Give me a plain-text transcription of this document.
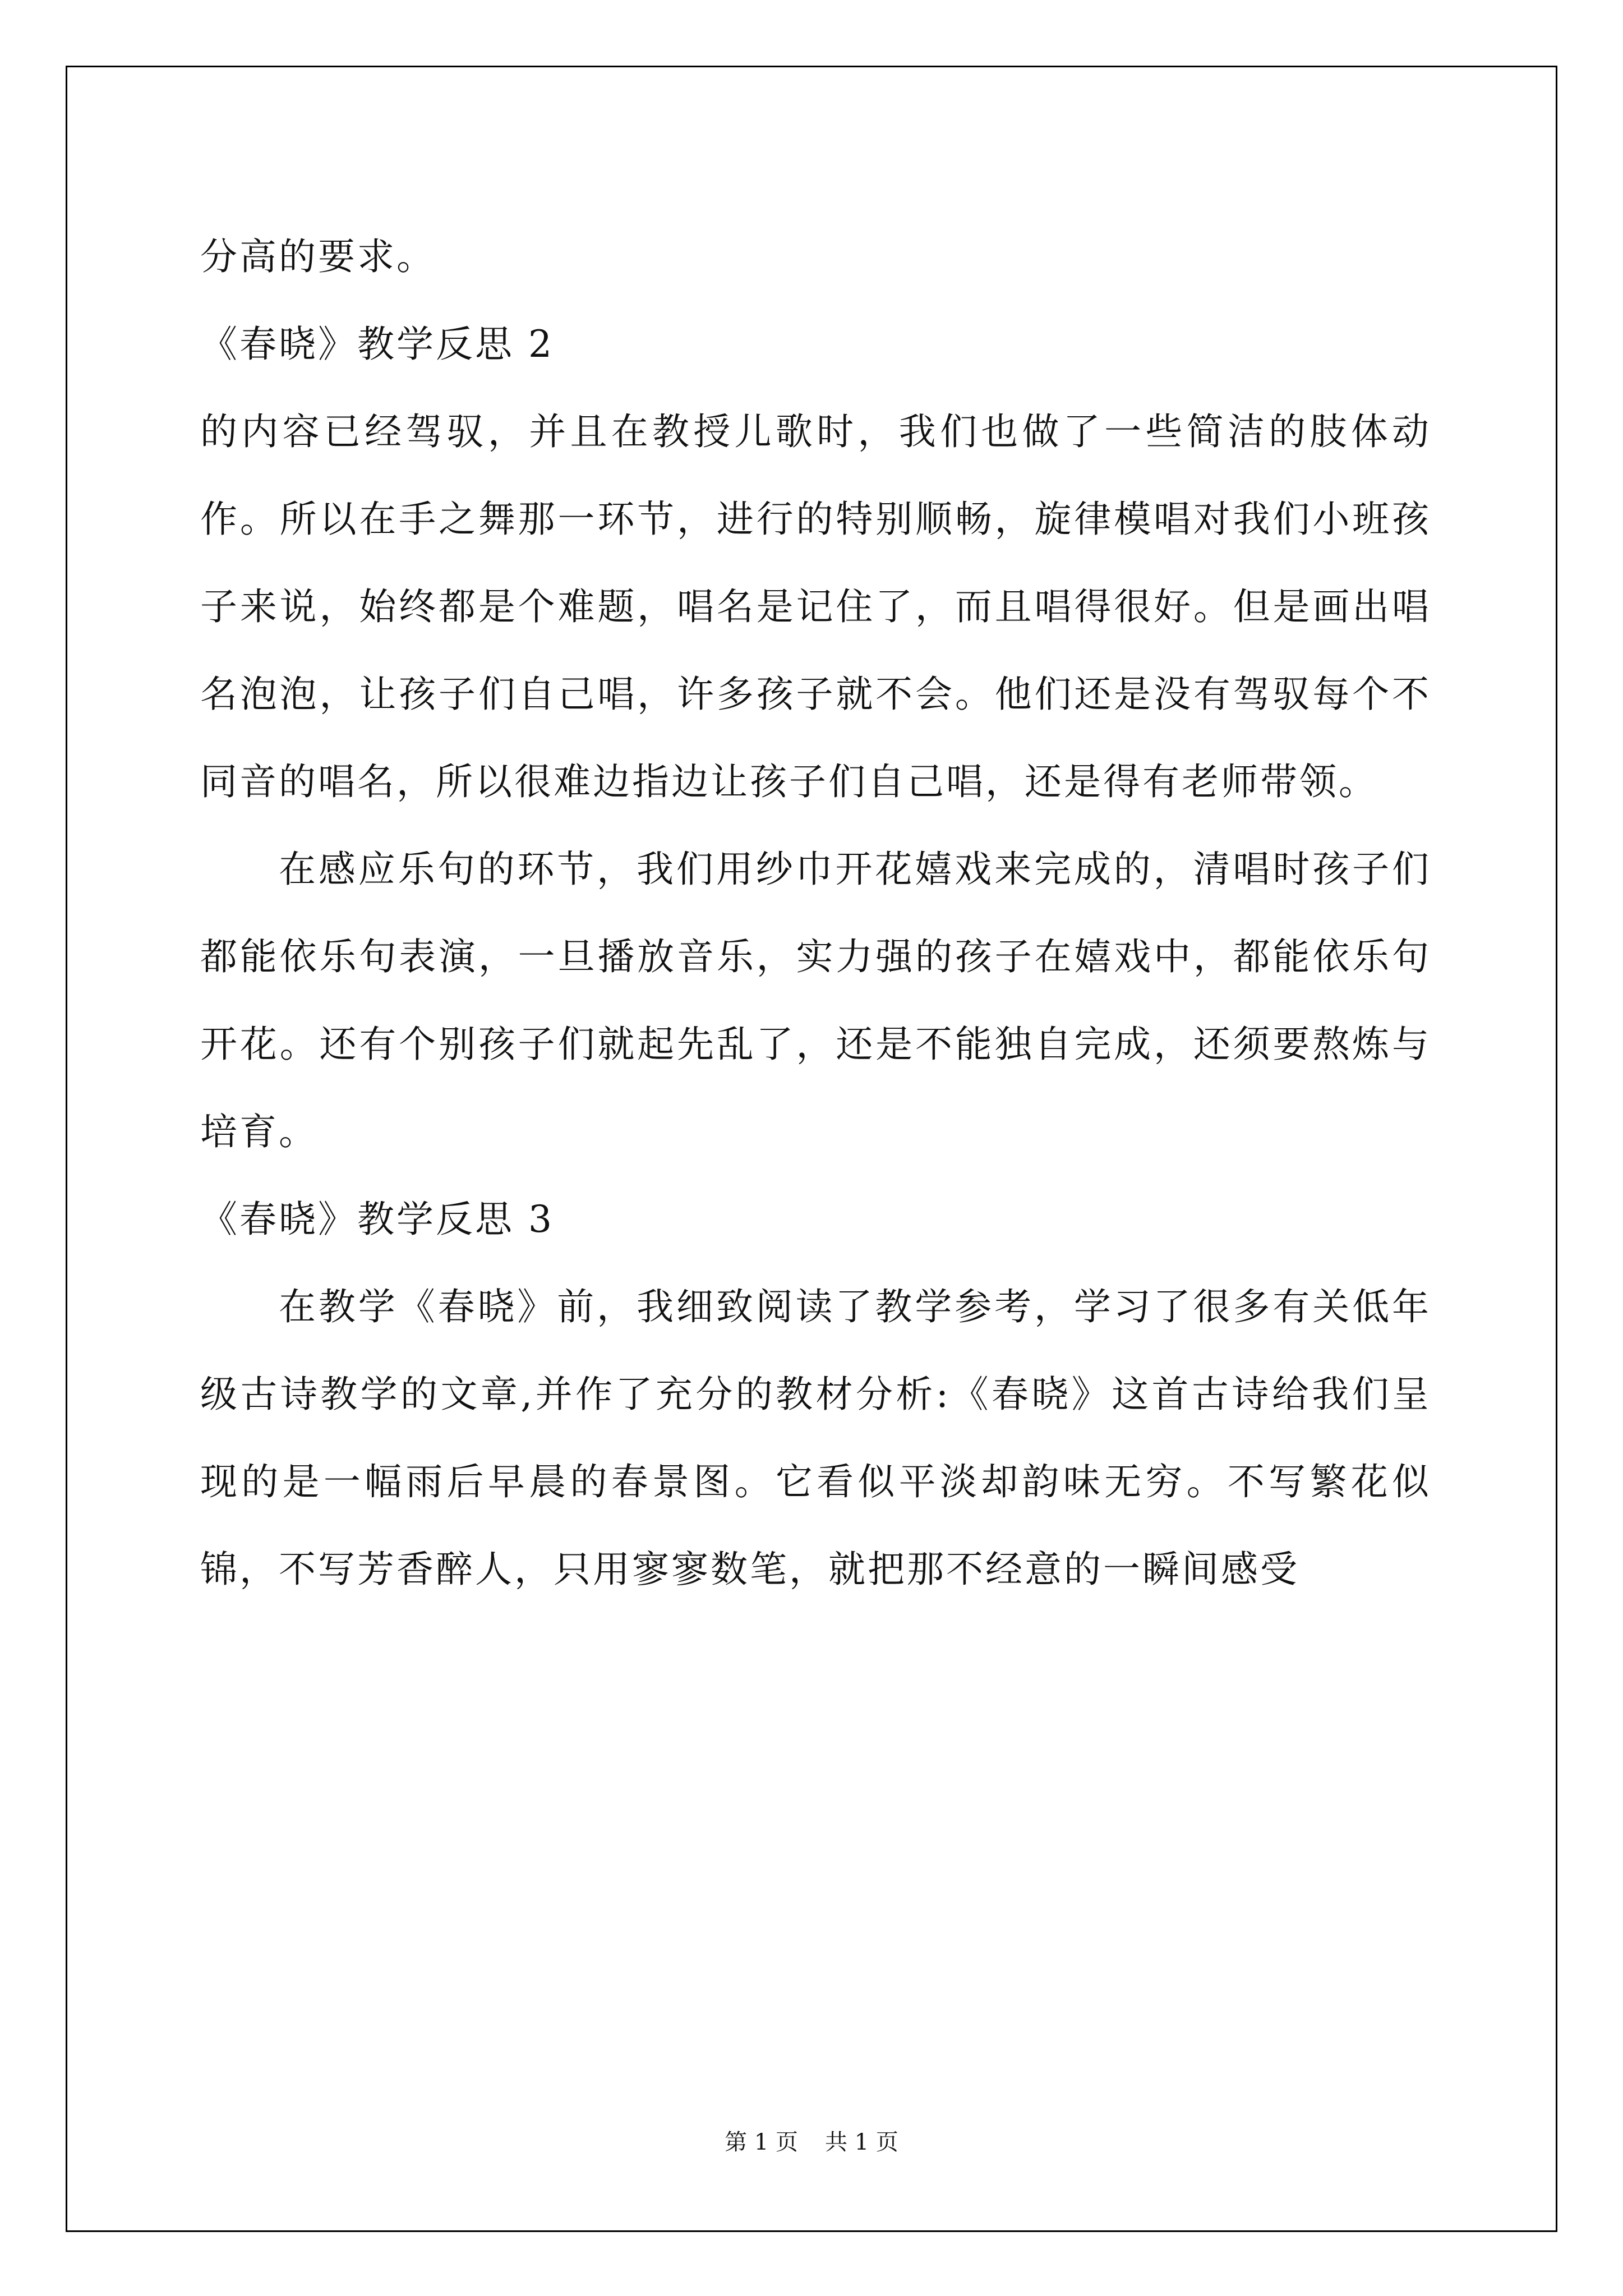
分高的要求。

《春晓》教学反思 2

的内容已经驾驭，并且在教授儿歌时，我们也做了一些简洁的肢体动作。所以在手之舞那一环节，进行的特别顺畅，旋律模唱对我们小班孩子来说，始终都是个难题，唱名是记住了，而且唱得很好。但是画出唱名泡泡，让孩子们自己唱，许多孩子就不会。他们还是没有驾驭每个不同音的唱名，所以很难边指边让孩子们自己唱，还是得有老师带领。

在感应乐句的环节，我们用纱巾开花嬉戏来完成的，清唱时孩子们都能依乐句表演，一旦播放音乐，实力强的孩子在嬉戏中，都能依乐句开花。还有个别孩子们就起先乱了，还是不能独自完成，还须要熬炼与培育。

《春晓》教学反思 3

在教学《春晓》前，我细致阅读了教学参考，学习了很多有关低年级古诗教学的文章,并作了充分的教材分析:《春晓》这首古诗给我们呈现的是一幅雨后早晨的春景图。它看似平淡却韵味无穷。不写繁花似锦，不写芳香醉人，只用寥寥数笔，就把那不经意的一瞬间感受

第 1 页 共 1 页
